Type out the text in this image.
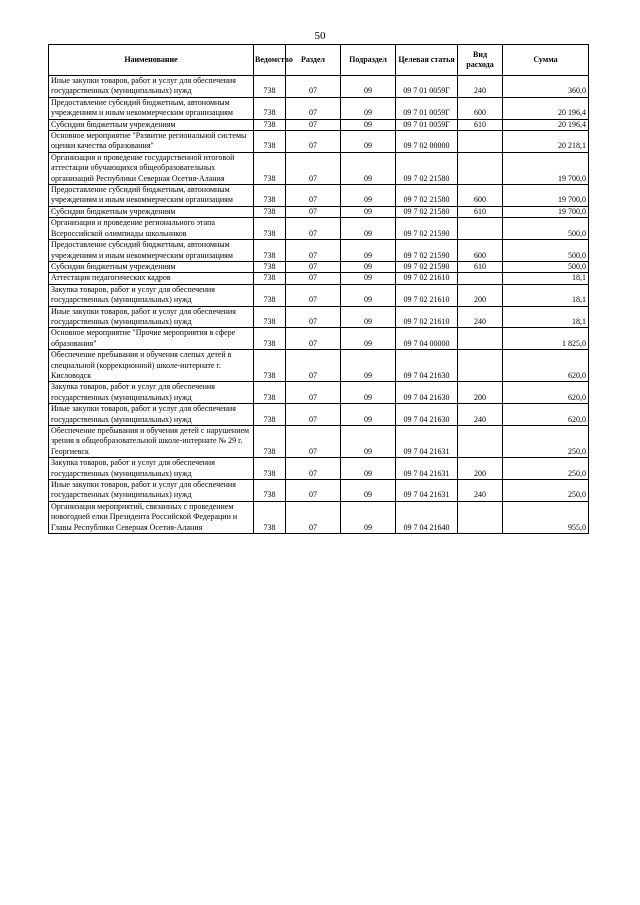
50
Наименование	Ведомство	Раздел	Подраздел	Целевая статья	Вид расхода	Сумма
Иные закупки товаров, работ и услуг для обеспечения государственных (муниципальных) нужд	738	07	09	09 7 01 0059Г	240	360,0
Предоставление субсидий бюджетным, автономным учреждениям и иным некоммерческим организациям	738	07	09	09 7 01 0059Г	600	20 196,4
Субсидии бюджетным учреждениям	738	07	09	09 7 01 0059Г	610	20 196,4
Основное мероприятие "Развитие региональной системы оценки качества образования"	738	07	09	09 7 02 00000		20 218,1
Организация и проведение государственной итоговой аттестации обучающихся общеобразовательных организаций Республики Северная Осетия-Алания	738	07	09	09 7 02 21580		19 700,0
Предоставление субсидий бюджетным, автономным учреждениям и иным некоммерческим организациям	738	07	09	09 7 02 21580	600	19 700,0
Субсидии бюджетным учреждениям	738	07	09	09 7 02 21580	610	19 700,0
Организация и проведение регионального этапа Всероссийской олимпиады школьников	738	07	09	09 7 02 21590		500,0
Предоставление субсидий бюджетным, автономным учреждениям и иным некоммерческим организациям	738	07	09	09 7 02 21590	600	500,0
Субсидии бюджетным учреждениям	738	07	09	09 7 02 21590	610	500,0
Аттестация педагогических кадров	738	07	09	09 7 02 21610		18,1
Закупка товаров, работ и услуг для обеспечения государственных (муниципальных) нужд	738	07	09	09 7 02 21610	200	18,1
Иные закупки товаров, работ и услуг для обеспечения государственных (муниципальных) нужд	738	07	09	09 7 02 21610	240	18,1
Основное мероприятие "Прочие мероприятия в сфере образования"	738	07	09	09 7 04 00000		1 825,0
Обеспечение пребывания и обучения слепых детей в специальной (коррекционной) школе-интернате г. Кисловодск	738	07	09	09 7 04 21630		620,0
Закупка товаров, работ и услуг для обеспечения государственных (муниципальных) нужд	738	07	09	09 7 04 21630	200	620,0
Иные закупки товаров, работ и услуг для обеспечения государственных (муниципальных) нужд	738	07	09	09 7 04 21630	240	620,0
Обеспечение пребывания и обучения детей с нарушением зрения в общеобразовательной школе-интернате № 29 г. Георгиевск	738	07	09	09 7 04 21631		250,0
Закупка товаров, работ и услуг для обеспечения государственных (муниципальных) нужд	738	07	09	09 7 04 21631	200	250,0
Иные закупки товаров, работ и услуг для обеспечения государственных (муниципальных) нужд	738	07	09	09 7 04 21631	240	250,0
Организация мероприятий, связанных с проведением новогодней елки Президента Российской Федерации и Главы Республики Северная Осетия-Алания	738	07	09	09 7 04 21640		955,0
